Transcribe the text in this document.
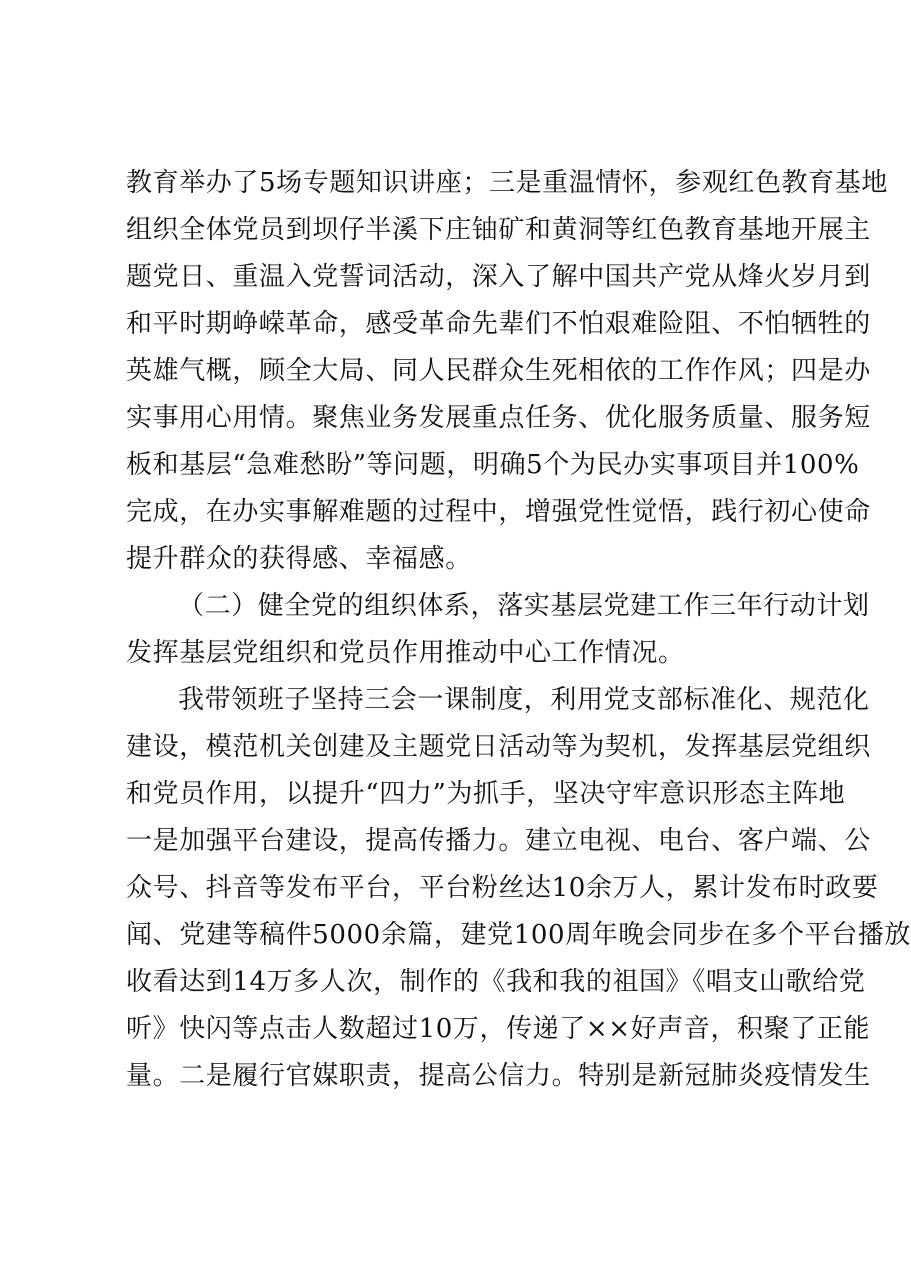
教育举办了5场专题知识讲座；三是重温情怀，参观红色教育基地
组织全体党员到坝仔半溪下庄铀矿和黄洞等红色教育基地开展主
题党日、重温入党誓词活动，深入了解中国共产党从烽火岁月到
和平时期峥嵘革命，感受革命先辈们不怕艰难险阻、不怕牺牲的
英雄气概，顾全大局、同人民群众生死相依的工作作风；四是办
实事用心用情。聚焦业务发展重点任务、优化服务质量、服务短
板和基层“急难愁盼”等问题，明确5个为民办实事项目并100%
完成，在办实事解难题的过程中，增强党性觉悟，践行初心使命
提升群众的获得感、幸福感。
（二）健全党的组织体系，落实基层党建工作三年行动计划
发挥基层党组织和党员作用推动中心工作情况。
我带领班子坚持三会一课制度，利用党支部标准化、规范化
建设，模范机关创建及主题党日活动等为契机，发挥基层党组织
和党员作用，以提升“四力”为抓手，坚决守牢意识形态主阵地
一是加强平台建设，提高传播力。建立电视、电台、客户端、公
众号、抖音等发布平台，平台粉丝达10余万人，累计发布时政要
闻、党建等稿件5000余篇，建党100周年晚会同步在多个平台播放
收看达到14万多人次，制作的《我和我的祖国》《唱支山歌给党
听》快闪等点击人数超过10万，传递了××好声音，积聚了正能
量。二是履行官媒职责，提高公信力。特别是新冠肺炎疫情发生
